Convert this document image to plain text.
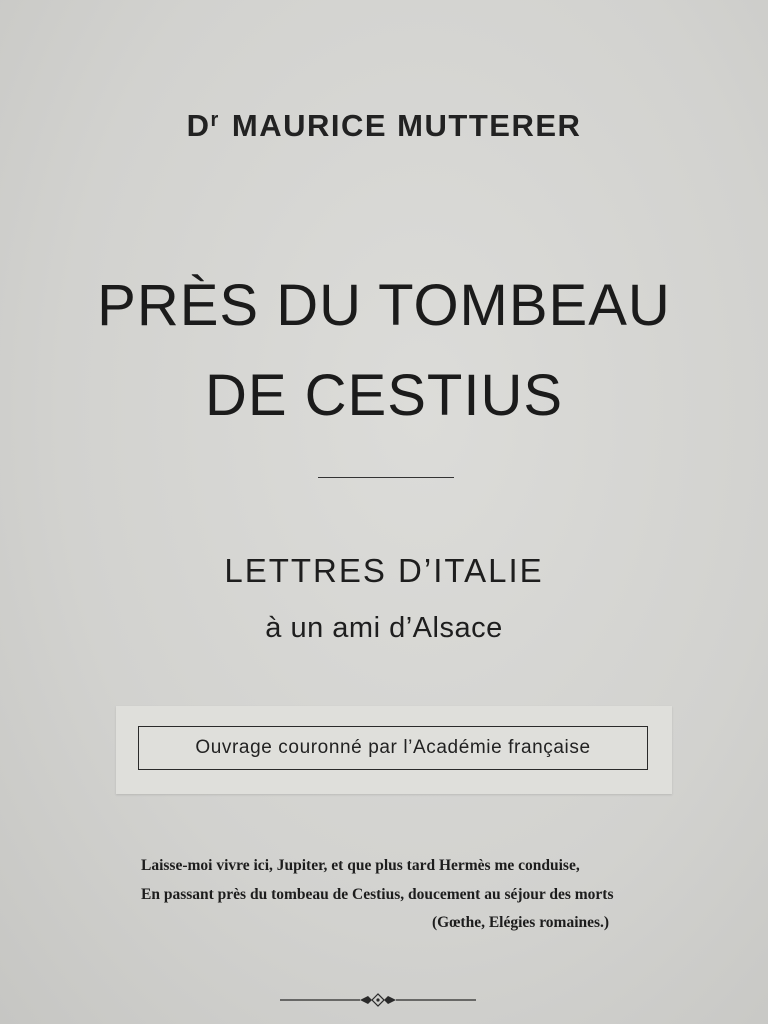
$D^r$ MAURICE MUTTERER
PRÈS DU TOMBEAU
DE CESTIUS
LETTRES D’ITALIE
à un ami d’Alsace
Ouvrage couronné par l’Académie française
Laisse-moi vivre ici, Jupiter, et que plus tard Hermès me conduise,
En passant près du tombeau de Cestius, doucement au séjour des morts
(Gœthe, Elégies romaines.)
